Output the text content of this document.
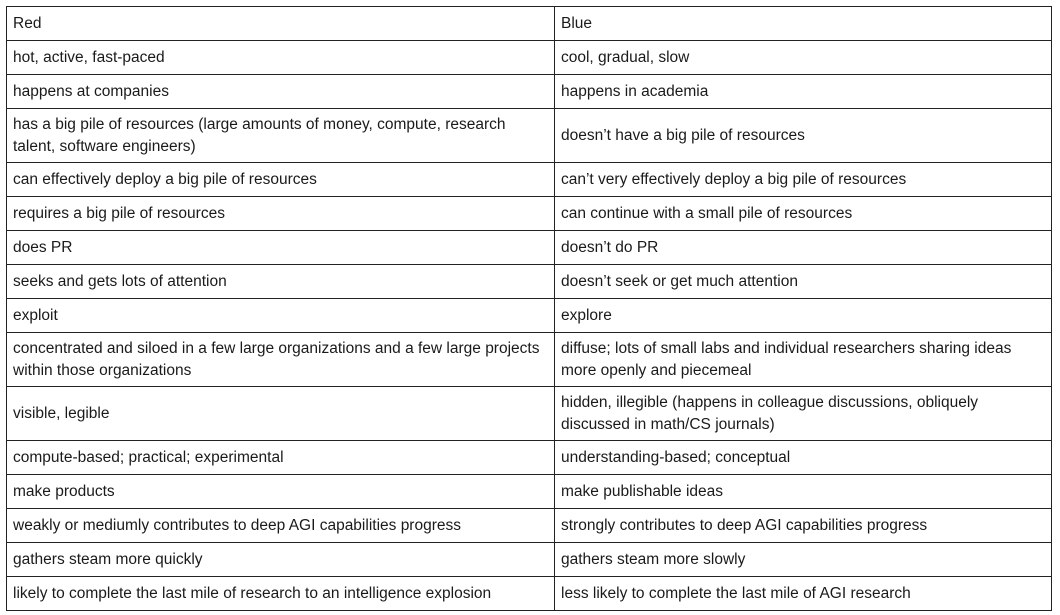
Red	Blue
hot, active, fast-paced	cool, gradual, slow
happens at companies	happens in academia
has a big pile of resources (large amounts of money, compute, research talent, software engineers)	doesn’t have a big pile of resources
can effectively deploy a big pile of resources	can’t very effectively deploy a big pile of resources
requires a big pile of resources	can continue with a small pile of resources
does PR	doesn’t do PR
seeks and gets lots of attention	doesn’t seek or get much attention
exploit	explore
concentrated and siloed in a few large organizations and a few large projects within those organizations	diffuse; lots of small labs and individual researchers sharing ideas more openly and piecemeal
visible, legible	hidden, illegible (happens in colleague discussions, obliquely discussed in math/CS journals)
compute-based; practical; experimental	understanding-based; conceptual
make products	make publishable ideas
weakly or mediumly contributes to deep AGI capabilities progress	strongly contributes to deep AGI capabilities progress
gathers steam more quickly	gathers steam more slowly
likely to complete the last mile of research to an intelligence explosion	less likely to complete the last mile of AGI research
